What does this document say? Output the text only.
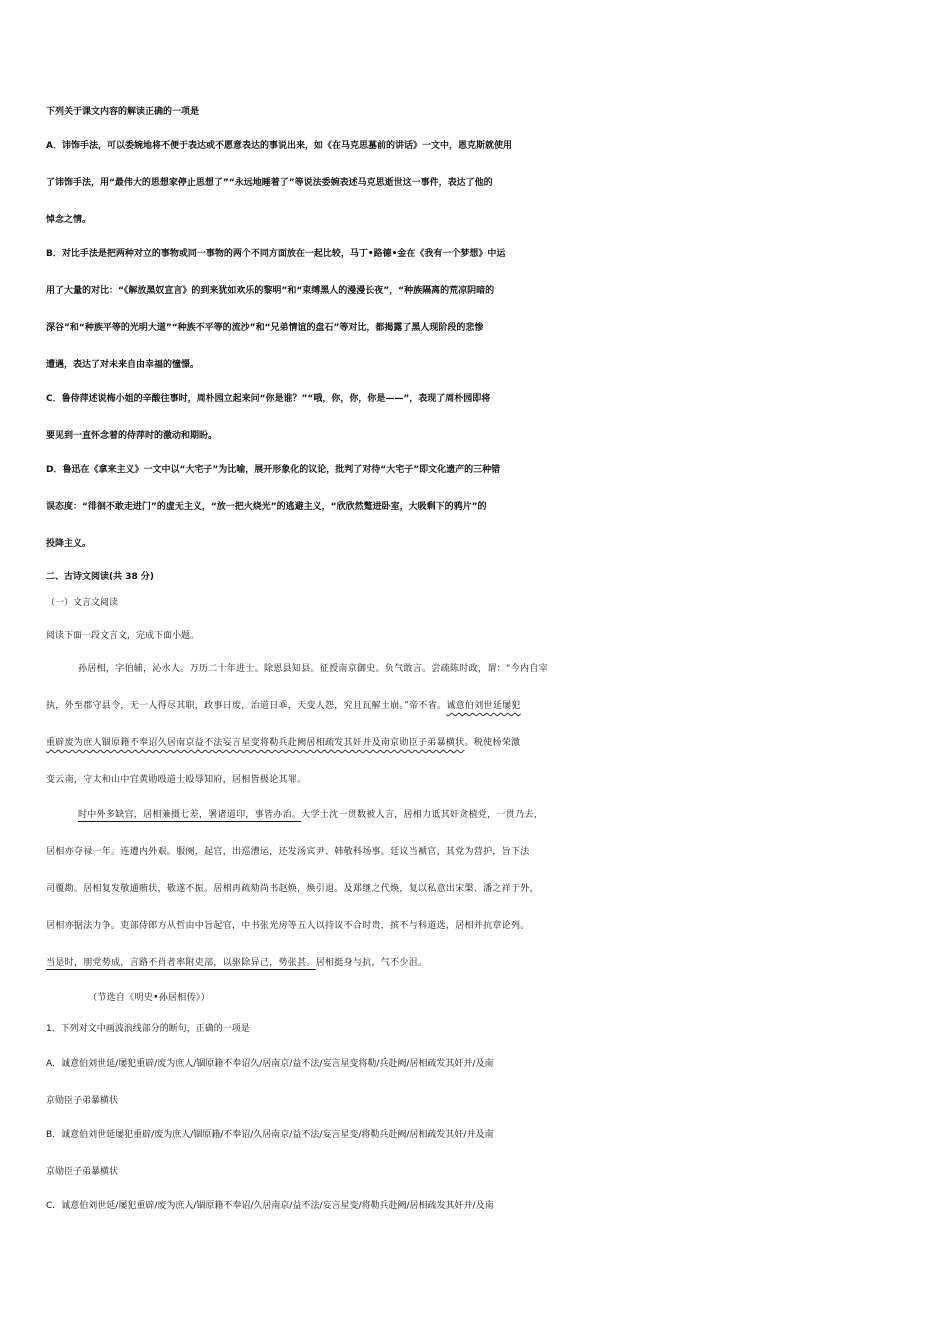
下列关于课文内容的解读正确的一项是
A．讳饰手法，可以委婉地将不便于表达或不愿意表达的事说出来，如《在马克思墓前的讲话》一文中，恩克斯就使用
了讳饰手法，用“最伟大的思想家停止思想了”“永远地睡着了”等说法委婉表述马克思逝世这一事件，表达了他的
悼念之情。
B．对比手法是把两种对立的事物或同一事物的两个不同方面放在一起比较，马丁•路德•金在《我有一个梦想》中运
用了大量的对比：“《解放黑奴宣言》的到来犹如欢乐的黎明”和“束缚黑人的漫漫长夜”，“种族隔离的荒凉阴暗的
深谷”和“种族平等的光明大道”“种族不平等的流沙”和“兄弟情谊的盘石”等对比，都揭露了黑人现阶段的悲惨
遭遇，表达了对未来自由幸福的憧憬。
C．鲁侍萍述说梅小姐的辛酸往事时，周朴园立起来问“你是谁？”“哦，你，你，你是——”，表现了周朴园即将
要见到一直怀念着的侍萍时的激动和期盼。
D．鲁迅在《拿来主义》一文中以“大宅子”为比喻，展开形象化的议论，批判了对待“大宅子”即文化遗产的三种错
误态度：“徘徊不敢走进门”的虚无主义，“放一把火烧光”的逃避主义，“欣欣然蹩进卧室，大吸剩下的鸦片”的
投降主义。
二、古诗文阅读(共 38 分)
（一）文言文阅读
阅读下面一段文言文，完成下面小题。
孙居相，字伯辅，沁水人。万历二十年进士。除恩县知县。征授南京御史。负气敢言。尝疏陈时政，谓：“今内自宰
执，外至郡守县令，无一人得尽其职，政事日废，治道日乖，天变人怨，究且瓦解土崩。”帝不省。诚意伯刘世延屡犯
重辟废为庶人锢原籍不奉诏久居南京益不法妄言星变将勒兵赴阙居相疏发其奸并及南京勋臣子弟暴横状。税使杨荣激
变云南，守太和山中官黄勋殴道士殴辱知府，居相皆极论其罪。
时中外多缺官，居相兼摄七差，署诸道印，事皆办治。大学士沈一贯数被人言，居相力诋其奸贪植党，一贯乃去，
居相亦夺禄一年。连遭内外艰。服阕，起官，出巡漕运，还发汤宾尹、韩敬科场事。廷议当褫官，其党为营护，旨下法
司覆勘。居相复发敬通贿状，敬遂不振。居相再疏劾尚书赵焕，焕引退。及郑继之代焕，复以私意出宋槃、潘之祥于外，
居相亦据法力争。吏部侍郎方从哲由中旨起官，中书张光房等五人以持议不合时贵，摈不与科道选，居相并抗章论列。
当是时，朋党势成，言路不肖者率附吏部，以驱除异己，势张甚。居相挺身与抗，气不少沮。
（节选自《明史•孙居相传》）
1．下列对文中画波浪线部分的断句，正确的一项是
A．诚意伯刘世延/屡犯重辟/废为庶人/锢原籍不奉诏久/居南京/益不法/妄言星变将勒/兵赴阙/居相疏发其奸并/及南
京勋臣子弟暴横状
B．诚意伯刘世延屡犯重辟/废为庶人/锢原籍/不奉诏/久居南京/益不法/妄言星变/将勒兵赴阙/居相疏发其奸/并及南
京勋臣子弟暴横状
C．诚意伯刘世延/屡犯重辟/废为庶人/锢原籍不奉诏/久居南京/益不法/妄言星变/将勒兵赴阙/居相疏发其奸并/及南
